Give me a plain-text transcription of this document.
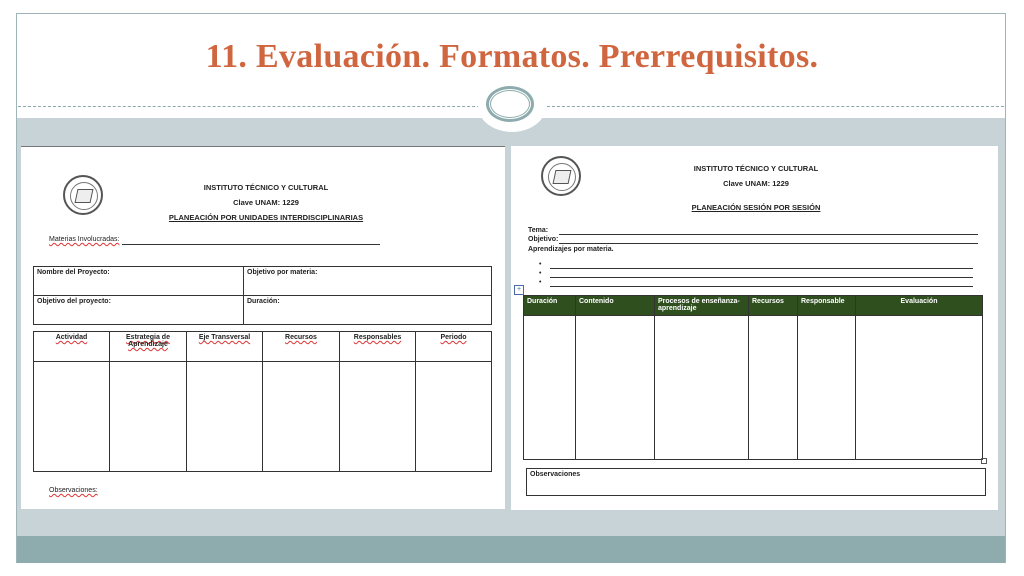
11. Evaluación. Formatos. Prerrequisitos.
INSTITUTO TÉCNICO Y CULTURAL
Clave UNAM: 1229
PLANEACIÓN POR UNIDADES INTERDISCIPLINARIAS
Materias Involucradas:
Nombre del Proyecto:	Objetivo por materia:
Objetivo del proyecto:	Duración:
Actividad	Estrategia de Aprendizaje	Eje Transversal	Recursos	Responsables	Periodo

Observaciones:
INSTITUTO TÉCNICO Y CULTURAL
Clave UNAM: 1229
PLANEACIÓN SESIÓN POR SESIÓN
Tema:
Objetivo:
Aprendizajes por materia.
•
•
•
Duración	Contenido	Procesos de enseñanza-aprendizaje	Recursos	Responsable	Evaluación

Observaciones
+
